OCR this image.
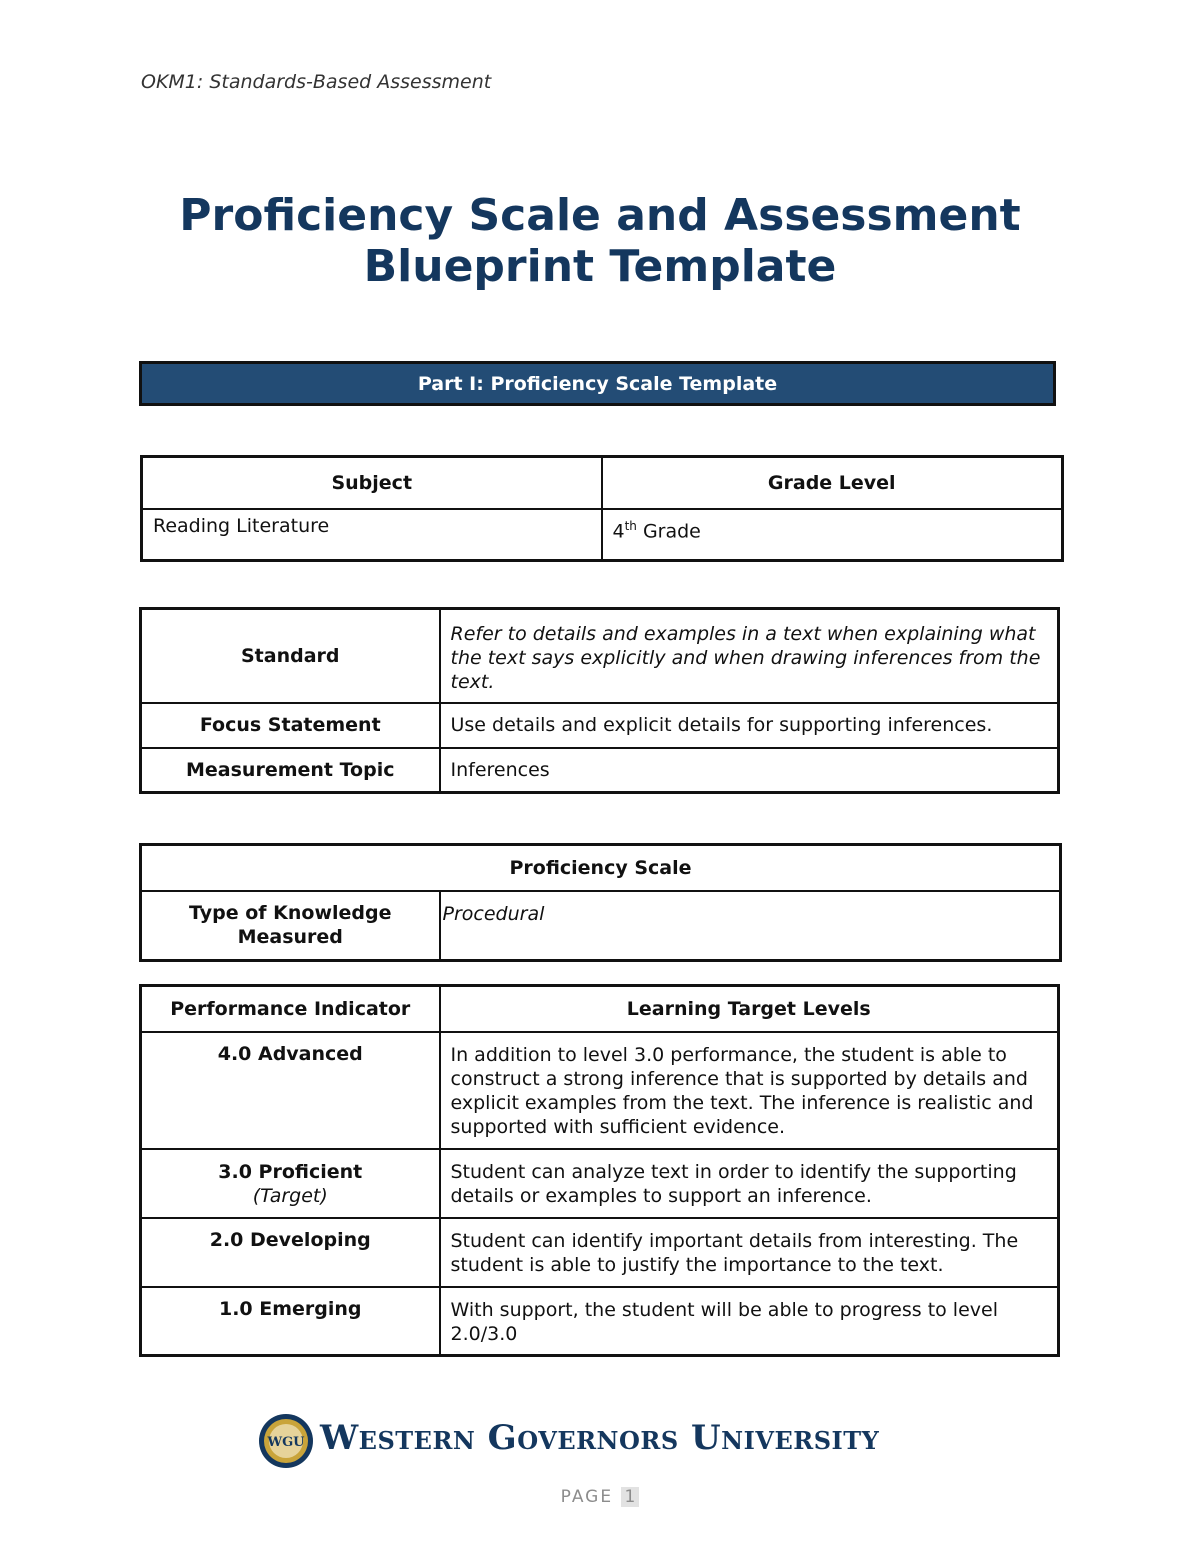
OKM1: Standards-Based Assessment
Proficiency Scale and Assessment
Blueprint Template
Part I: Proficiency Scale Template
Subject	Grade Level
Reading Literature	4th Grade
Standard	Refer to details and examples in a text when explaining what the text says explicitly and when drawing inferences from the text.
Focus Statement	Use details and explicit details for supporting inferences.
Measurement Topic	Inferences
Proficiency Scale
Type of Knowledge Measured	Procedural
Performance Indicator	Learning Target Levels
4.0 Advanced	In addition to level 3.0 performance, the student is able to construct a strong inference that is supported by details and explicit examples from the text. The inference is realistic and supported with sufficient evidence.

3.0 Proficient
(Target)	Student can analyze text in order to identify the supporting details or examples to support an inference.
2.0 Developing	Student can identify important details from interesting. The student is able to justify the importance to the text.
1.0 Emerging	With support, the student will be able to progress to level 2.0/3.0
WGU Western Governors University
PAGE 1
